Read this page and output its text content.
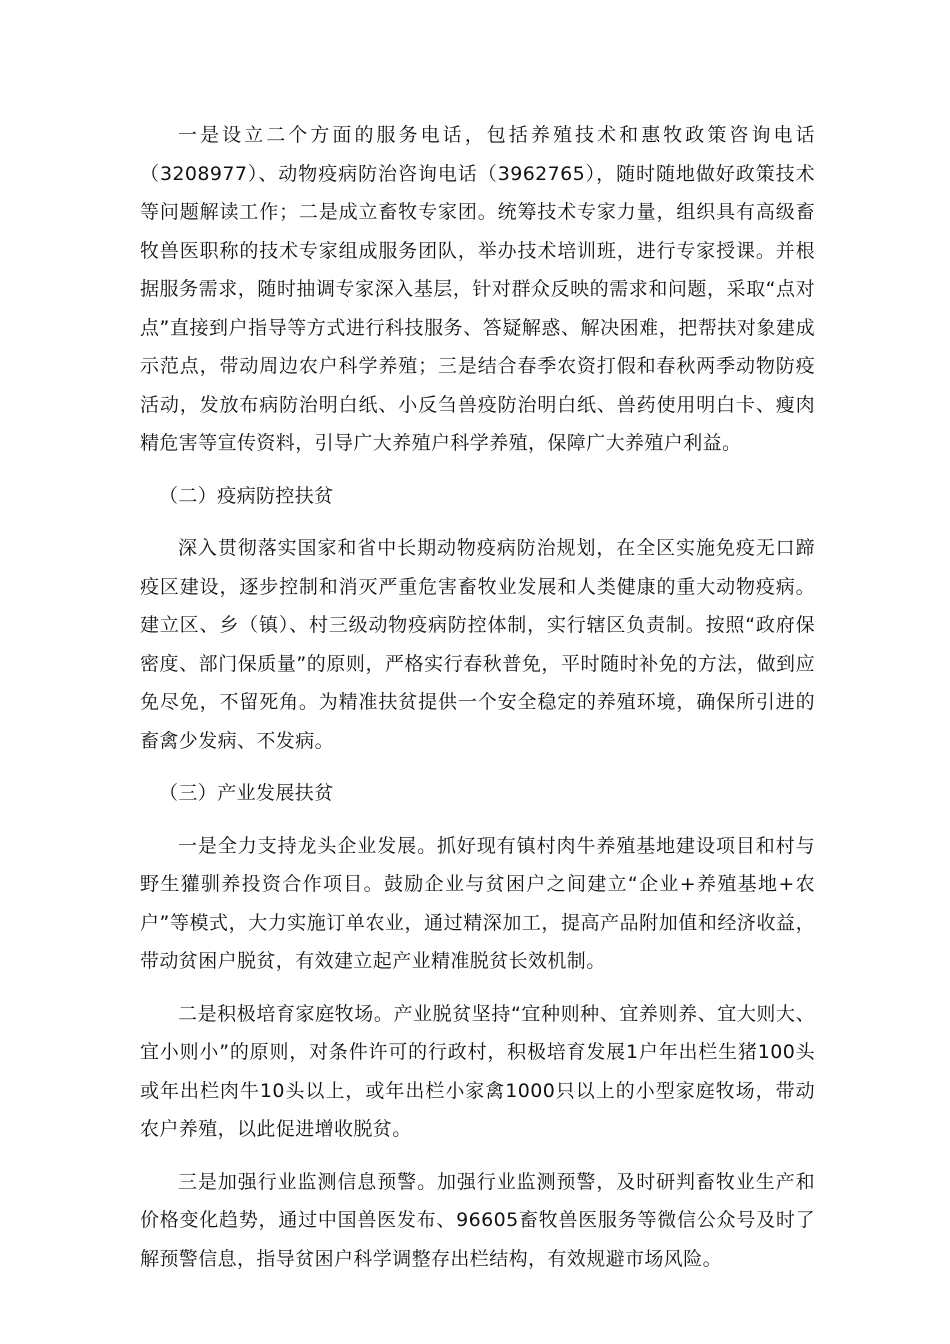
一是设立二个方面的服务电话，包括养殖技术和惠牧政策咨询电话（3208977）、动物疫病防治咨询电话（3962765），随时随地做好政策技术等问题解读工作；二是成立畜牧专家团。统筹技术专家力量，组织具有高级畜牧兽医职称的技术专家组成服务团队，举办技术培训班，进行专家授课。并根据服务需求，随时抽调专家深入基层，针对群众反映的需求和问题，采取“点对点”直接到户指导等方式进行科技服务、答疑解惑、解决困难，把帮扶对象建成示范点，带动周边农户科学养殖；三是结合春季农资打假和春秋两季动物防疫活动，发放布病防治明白纸、小反刍兽疫防治明白纸、兽药使用明白卡、瘦肉精危害等宣传资料，引导广大养殖户科学养殖，保障广大养殖户利益。

（二）疫病防控扶贫

深入贯彻落实国家和省中长期动物疫病防治规划，在全区实施免疫无口蹄疫区建设，逐步控制和消灭严重危害畜牧业发展和人类健康的重大动物疫病。建立区、乡（镇）、村三级动物疫病防控体制，实行辖区负责制。按照“政府保密度、部门保质量”的原则，严格实行春秋普免，平时随时补免的方法，做到应免尽免，不留死角。为精准扶贫提供一个安全稳定的养殖环境，确保所引进的畜禽少发病、不发病。

（三）产业发展扶贫

一是全力支持龙头企业发展。抓好现有镇村肉牛养殖基地建设项目和村与野生獾驯养投资合作项目。鼓励企业与贫困户之间建立“企业+养殖基地+农户”等模式，大力实施订单农业，通过精深加工，提高产品附加值和经济收益，带动贫困户脱贫，有效建立起产业精准脱贫长效机制。

二是积极培育家庭牧场。产业脱贫坚持“宜种则种、宜养则养、宜大则大、宜小则小”的原则，对条件许可的行政村，积极培育发展1户年出栏生猪100头或年出栏肉牛10头以上，或年出栏小家禽1000只以上的小型家庭牧场，带动农户养殖，以此促进增收脱贫。

三是加强行业监测信息预警。加强行业监测预警，及时研判畜牧业生产和价格变化趋势，通过中国兽医发布、96605畜牧兽医服务等微信公众号及时了解预警信息，指导贫困户科学调整存出栏结构，有效规避市场风险。
